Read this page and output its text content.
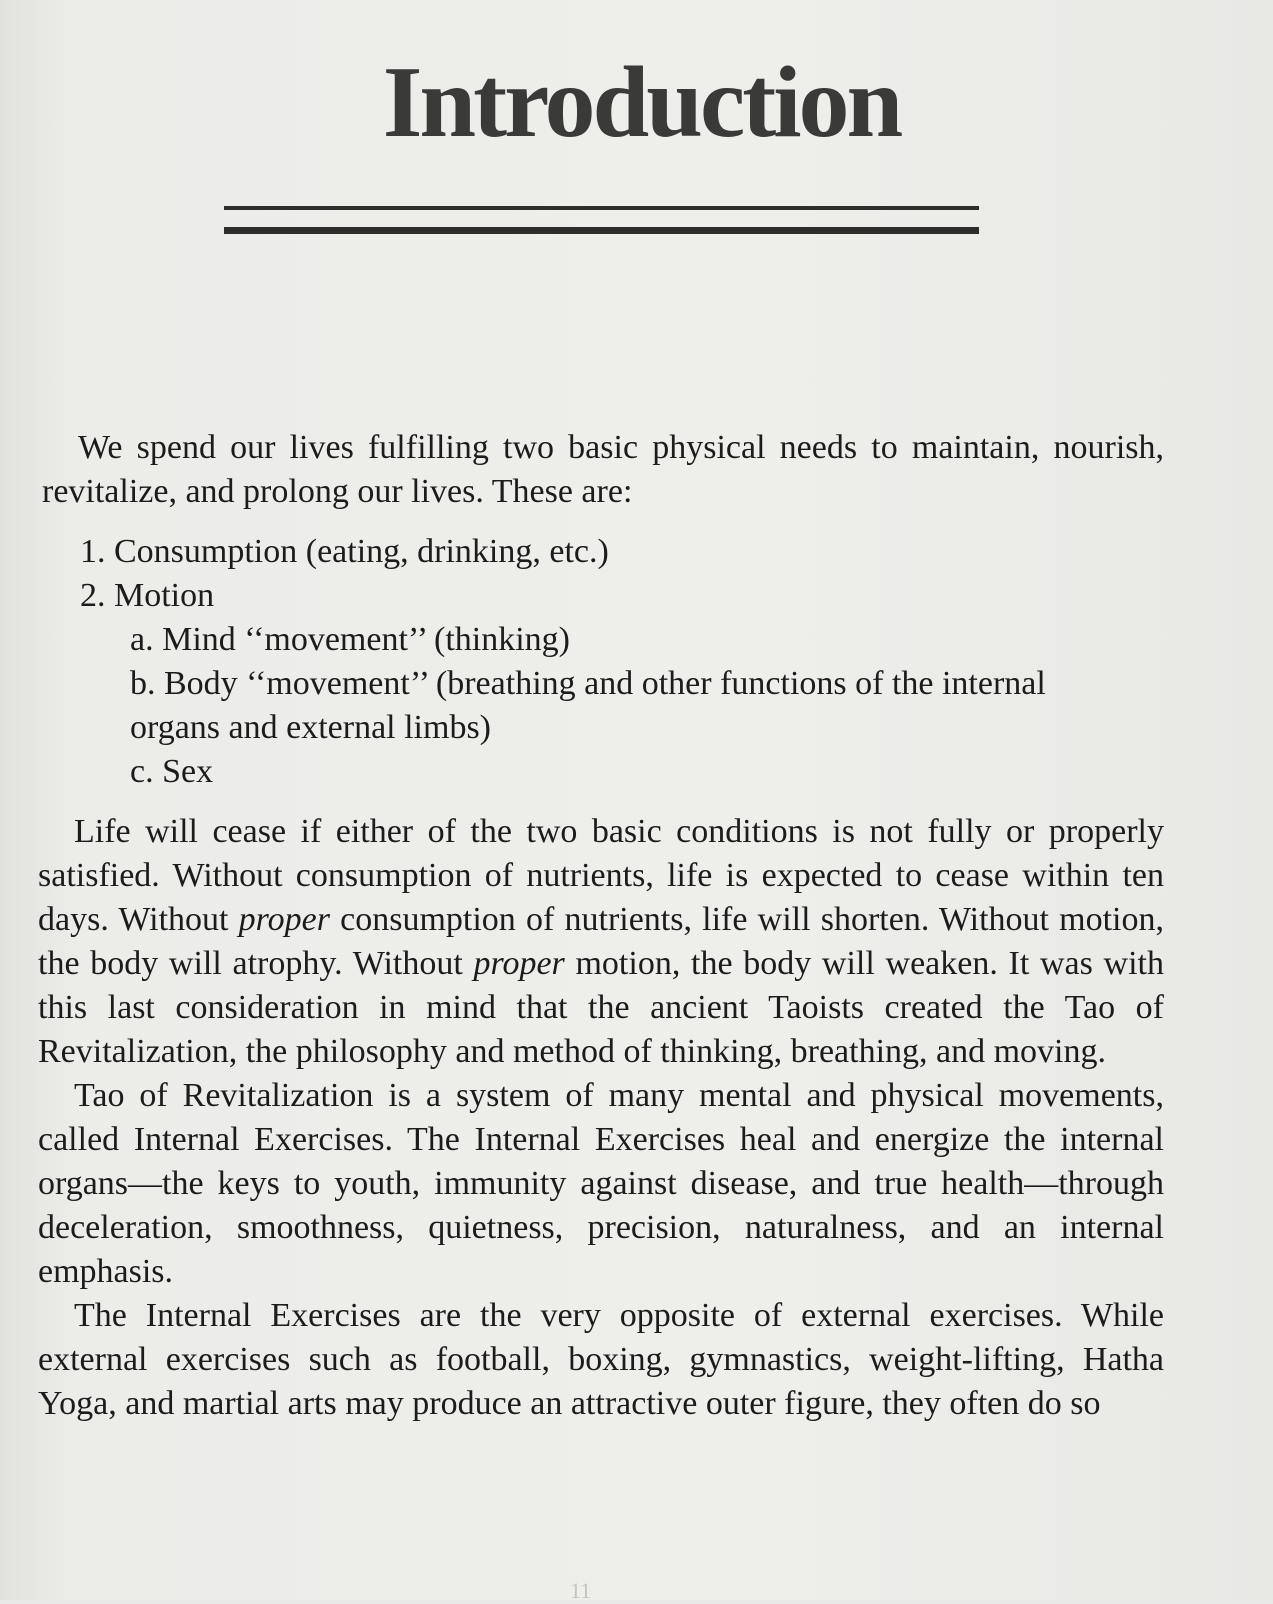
Introduction

We spend our lives fulfilling two basic physical needs to maintain, nourish, revitalize, and prolong our lives. These are:

1. Consumption (eating, drinking, etc.)
2. Motion
a. Mind ‘‘movement’’ (thinking)
b. Body ‘‘movement’’ (breathing and other functions of the internal organs and external limbs)
c. Sex

Life will cease if either of the two basic conditions is not fully or properly satisfied. Without consumption of nutrients, life is expected to cease within ten days. Without proper consumption of nutrients, life will shorten. Without motion, the body will atrophy. Without proper motion, the body will weaken. It was with this last consideration in mind that the ancient Taoists created the Tao of Revitalization, the philosophy and method of thinking, breathing, and moving.

Tao of Revitalization is a system of many mental and physical movements, called Internal Exercises. The Internal Exercises heal and energize the internal organs—the keys to youth, immunity against disease, and true health—through deceleration, smoothness, quietness, precision, naturalness, and an internal emphasis.

The Internal Exercises are the very opposite of external exercises. While external exercises such as football, boxing, gymnastics, weight-lifting, Hatha Yoga, and martial arts may produce an attractive outer figure, they often do so

11
